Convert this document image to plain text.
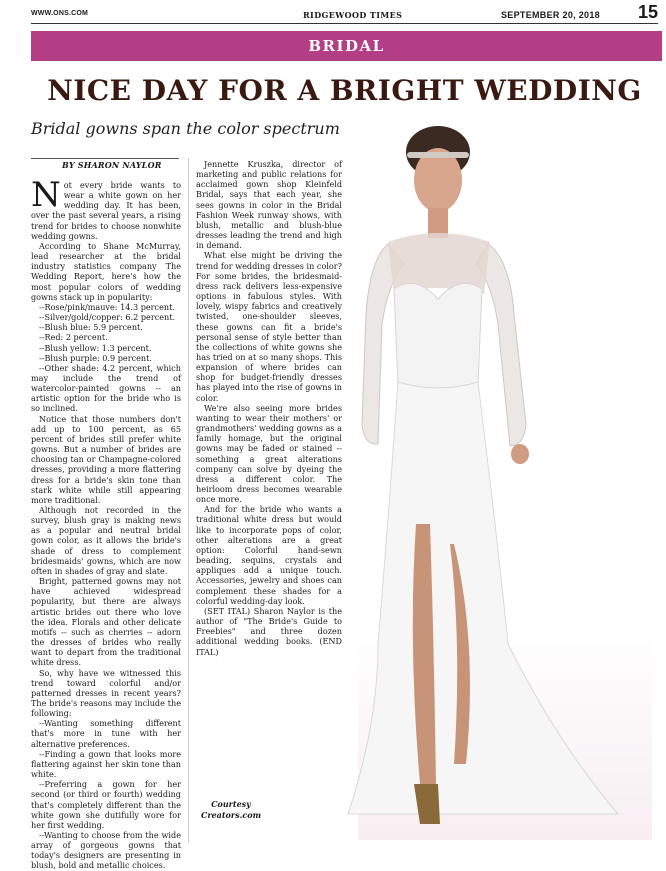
WWW.ONS.COM	RIDGEWOOD TIMES	SEPTEMBER 20, 2018 15
BRIDAL
NICE DAY FOR A BRIGHT WEDDING
Bridal gowns span the color spectrum
BY SHARON NAYLOR

Not every bride wants to wear a white gown on her wedding day. It has been, over the past several years, a rising trend for brides to choose nonwhite wedding gowns.

According to Shane McMurray, lead researcher at the bridal industry statistics company The Wedding Report, here's how the most popular colors of wedding gowns stack up in popularity:

--Rose/pink/mauve: 14.3 percent.

--Silver/gold/copper: 6.2 percent.

--Blush blue: 5.9 percent.

--Red: 2 percent.

--Blush yellow: 1.3 percent.

--Blush purple: 0.9 percent.

--Other shade: 4.2 percent, which may include the trend of watercolor-painted gowns -- an artistic option for the bride who is so inclined.

Notice that those numbers don't add up to 100 percent, as 65 percent of brides still prefer white gowns. But a number of brides are choosing tan or Champagne-colored dresses, providing a more flattering dress for a bride's skin tone than stark white while still appearing more traditional.

Although not recorded in the survey, blush gray is making news as a popular and neutral bridal gown color, as it allows the bride's shade of dress to complement bridesmaids' gowns, which are now often in shades of gray and slate.

Bright, patterned gowns may not have achieved widespread popularity, but there are always artistic brides out there who love the idea. Florals and other delicate motifs -- such as cherries -- adorn the dresses of brides who really want to depart from the traditional white dress.

So, why have we witnessed this trend toward colorful and/or patterned dresses in recent years? The bride's reasons may include the following:

--Wanting something different that's more in tune with her alternative preferences.

--Finding a gown that looks more flattering against her skin tone than white.

--Preferring a gown for her second (or third or fourth) wedding that's completely different than the white gown she dutifully wore for her first wedding.

--Wanting to choose from the wide array of gorgeous gowns that today's designers are presenting in blush, bold and metallic choices.

Jennette Kruszka, director of marketing and public relations for acclaimed gown shop Kleinfeld Bridal, says that each year, she sees gowns in color in the Bridal Fashion Week runway shows, with blush, metallic and blush-blue dresses leading the trend and high in demand.

What else might be driving the trend for wedding dresses in color? For some brides, the bridesmaid-dress rack delivers less-expensive options in fabulous styles. With lovely, wispy fabrics and creatively twisted, one-shoulder sleeves, these gowns can fit a bride's personal sense of style better than the collections of white gowns she has tried on at so many shops. This expansion of where brides can shop for budget-friendly dresses has played into the rise of gowns in color.

We're also seeing more brides wanting to wear their mothers' or grandmothers' wedding gowns as a family homage, but the original gowns may be faded or stained -- something a great alterations company can solve by dyeing the dress a different color. The heirloom dress becomes wearable once more.

And for the bride who wants a traditional white dress but would like to incorporate pops of color, other alterations are a great option: Colorful hand-sewn beading, sequins, crystals and appliques add a unique touch. Accessories, jewelry and shoes can complement these shades for a colorful wedding-day look.

(SET ITAL) Sharon Naylor is the author of "The Bride's Guide to Freebies" and three dozen additional wedding books. (END ITAL)

Courtesy Creators.com
